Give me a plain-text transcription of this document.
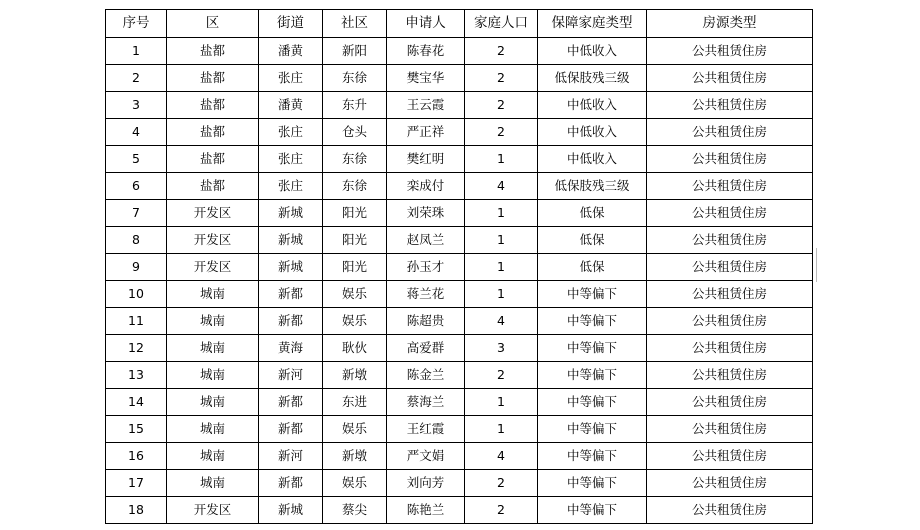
序号	区	街道	社区	申请人	家庭人口	保障家庭类型	房源类型
1	盐都	潘黄	新阳	陈春花	2	中低收入	公共租赁住房
2	盐都	张庄	东徐	樊宝华	2	低保肢残三级	公共租赁住房
3	盐都	潘黄	东升	王云霞	2	中低收入	公共租赁住房
4	盐都	张庄	仓头	严正祥	2	中低收入	公共租赁住房
5	盐都	张庄	东徐	樊红明	1	中低收入	公共租赁住房
6	盐都	张庄	东徐	栾成付	4	低保肢残三级	公共租赁住房
7	开发区	新城	阳光	刘荣珠	1	低保	公共租赁住房
8	开发区	新城	阳光	赵凤兰	1	低保	公共租赁住房
9	开发区	新城	阳光	孙玉才	1	低保	公共租赁住房
10	城南	新都	娱乐	蒋兰花	1	中等偏下	公共租赁住房
11	城南	新都	娱乐	陈超贵	4	中等偏下	公共租赁住房
12	城南	黄海	耿伙	高爱群	3	中等偏下	公共租赁住房
13	城南	新河	新墩	陈金兰	2	中等偏下	公共租赁住房
14	城南	新都	东进	蔡海兰	1	中等偏下	公共租赁住房
15	城南	新都	娱乐	王红霞	1	中等偏下	公共租赁住房
16	城南	新河	新墩	严文娟	4	中等偏下	公共租赁住房
17	城南	新都	娱乐	刘向芳	2	中等偏下	公共租赁住房
18	开发区	新城	蔡尖	陈艳兰	2	中等偏下	公共租赁住房
